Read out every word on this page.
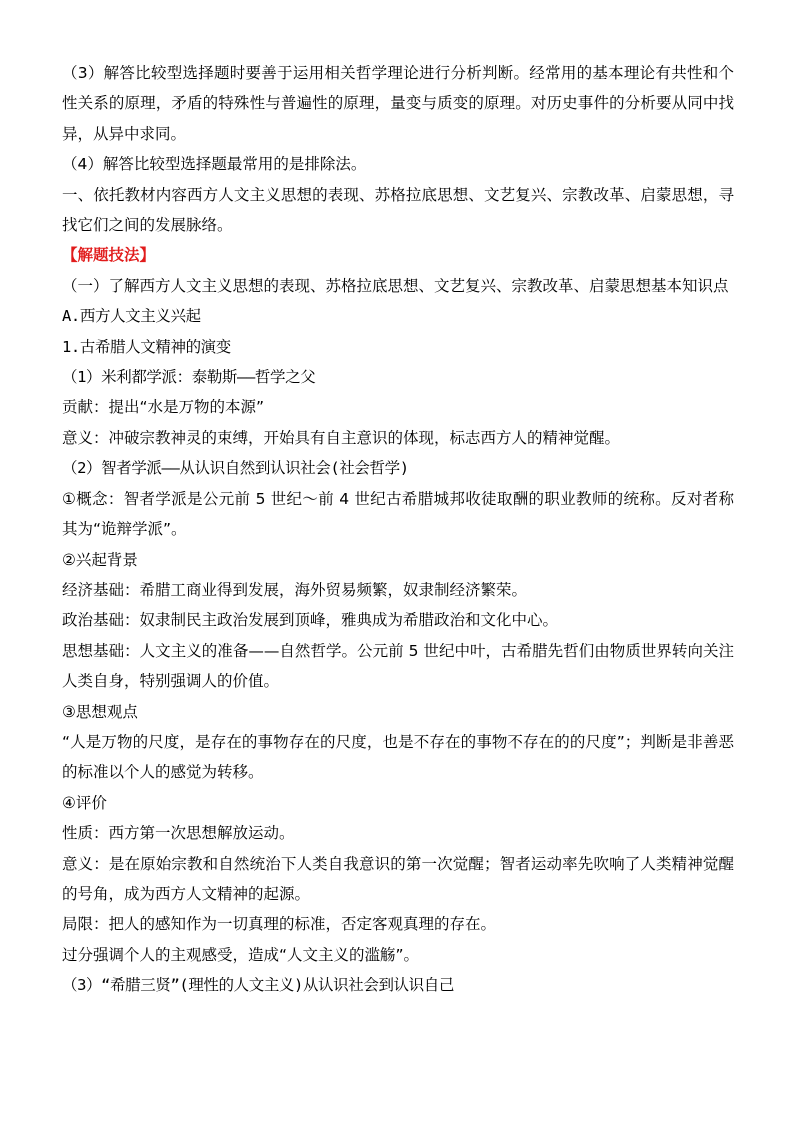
（3）解答比较型选择题时要善于运用相关哲学理论进行分析判断。经常用的基本理论有共性和个性关系的原理，矛盾的特殊性与普遍性的原理，量变与质变的原理。对历史事件的分析要从同中找异，从异中求同。

（4）解答比较型选择题最常用的是排除法。

一、依托教材内容西方人文主义思想的表现、苏格拉底思想、文艺复兴、宗教改革、启蒙思想，寻找它们之间的发展脉络。

【解题技法】

（一）了解西方人文主义思想的表现、苏格拉底思想、文艺复兴、宗教改革、启蒙思想基本知识点

A.西方人文主义兴起

1.古希腊人文精神的演变

（1）米利都学派：泰勒斯——哲学之父

贡献：提出“水是万物的本源”

意义：冲破宗教神灵的束缚，开始具有自主意识的体现，标志西方人的精神觉醒。

（2）智者学派——从认识自然到认识社会(社会哲学)

①概念：智者学派是公元前 5 世纪～前 4 世纪古希腊城邦收徒取酬的职业教师的统称。反对者称其为“诡辩学派”。

②兴起背景

经济基础：希腊工商业得到发展，海外贸易频繁，奴隶制经济繁荣。

政治基础：奴隶制民主政治发展到顶峰，雅典成为希腊政治和文化中心。

思想基础：人文主义的准备——自然哲学。公元前 5 世纪中叶，古希腊先哲们由物质世界转向关注人类自身，特别强调人的价值。

③思想观点

“人是万物的尺度，是存在的事物存在的尺度，也是不存在的事物不存在的的尺度”；判断是非善恶的标准以个人的感觉为转移。

④评价

性质：西方第一次思想解放运动。

意义：是在原始宗教和自然统治下人类自我意识的第一次觉醒；智者运动率先吹响了人类精神觉醒的号角，成为西方人文精神的起源。

局限：把人的感知作为一切真理的标准，否定客观真理的存在。

过分强调个人的主观感受，造成“人文主义的滥觞”。

（3）“希腊三贤”(理性的人文主义)从认识社会到认识自己
